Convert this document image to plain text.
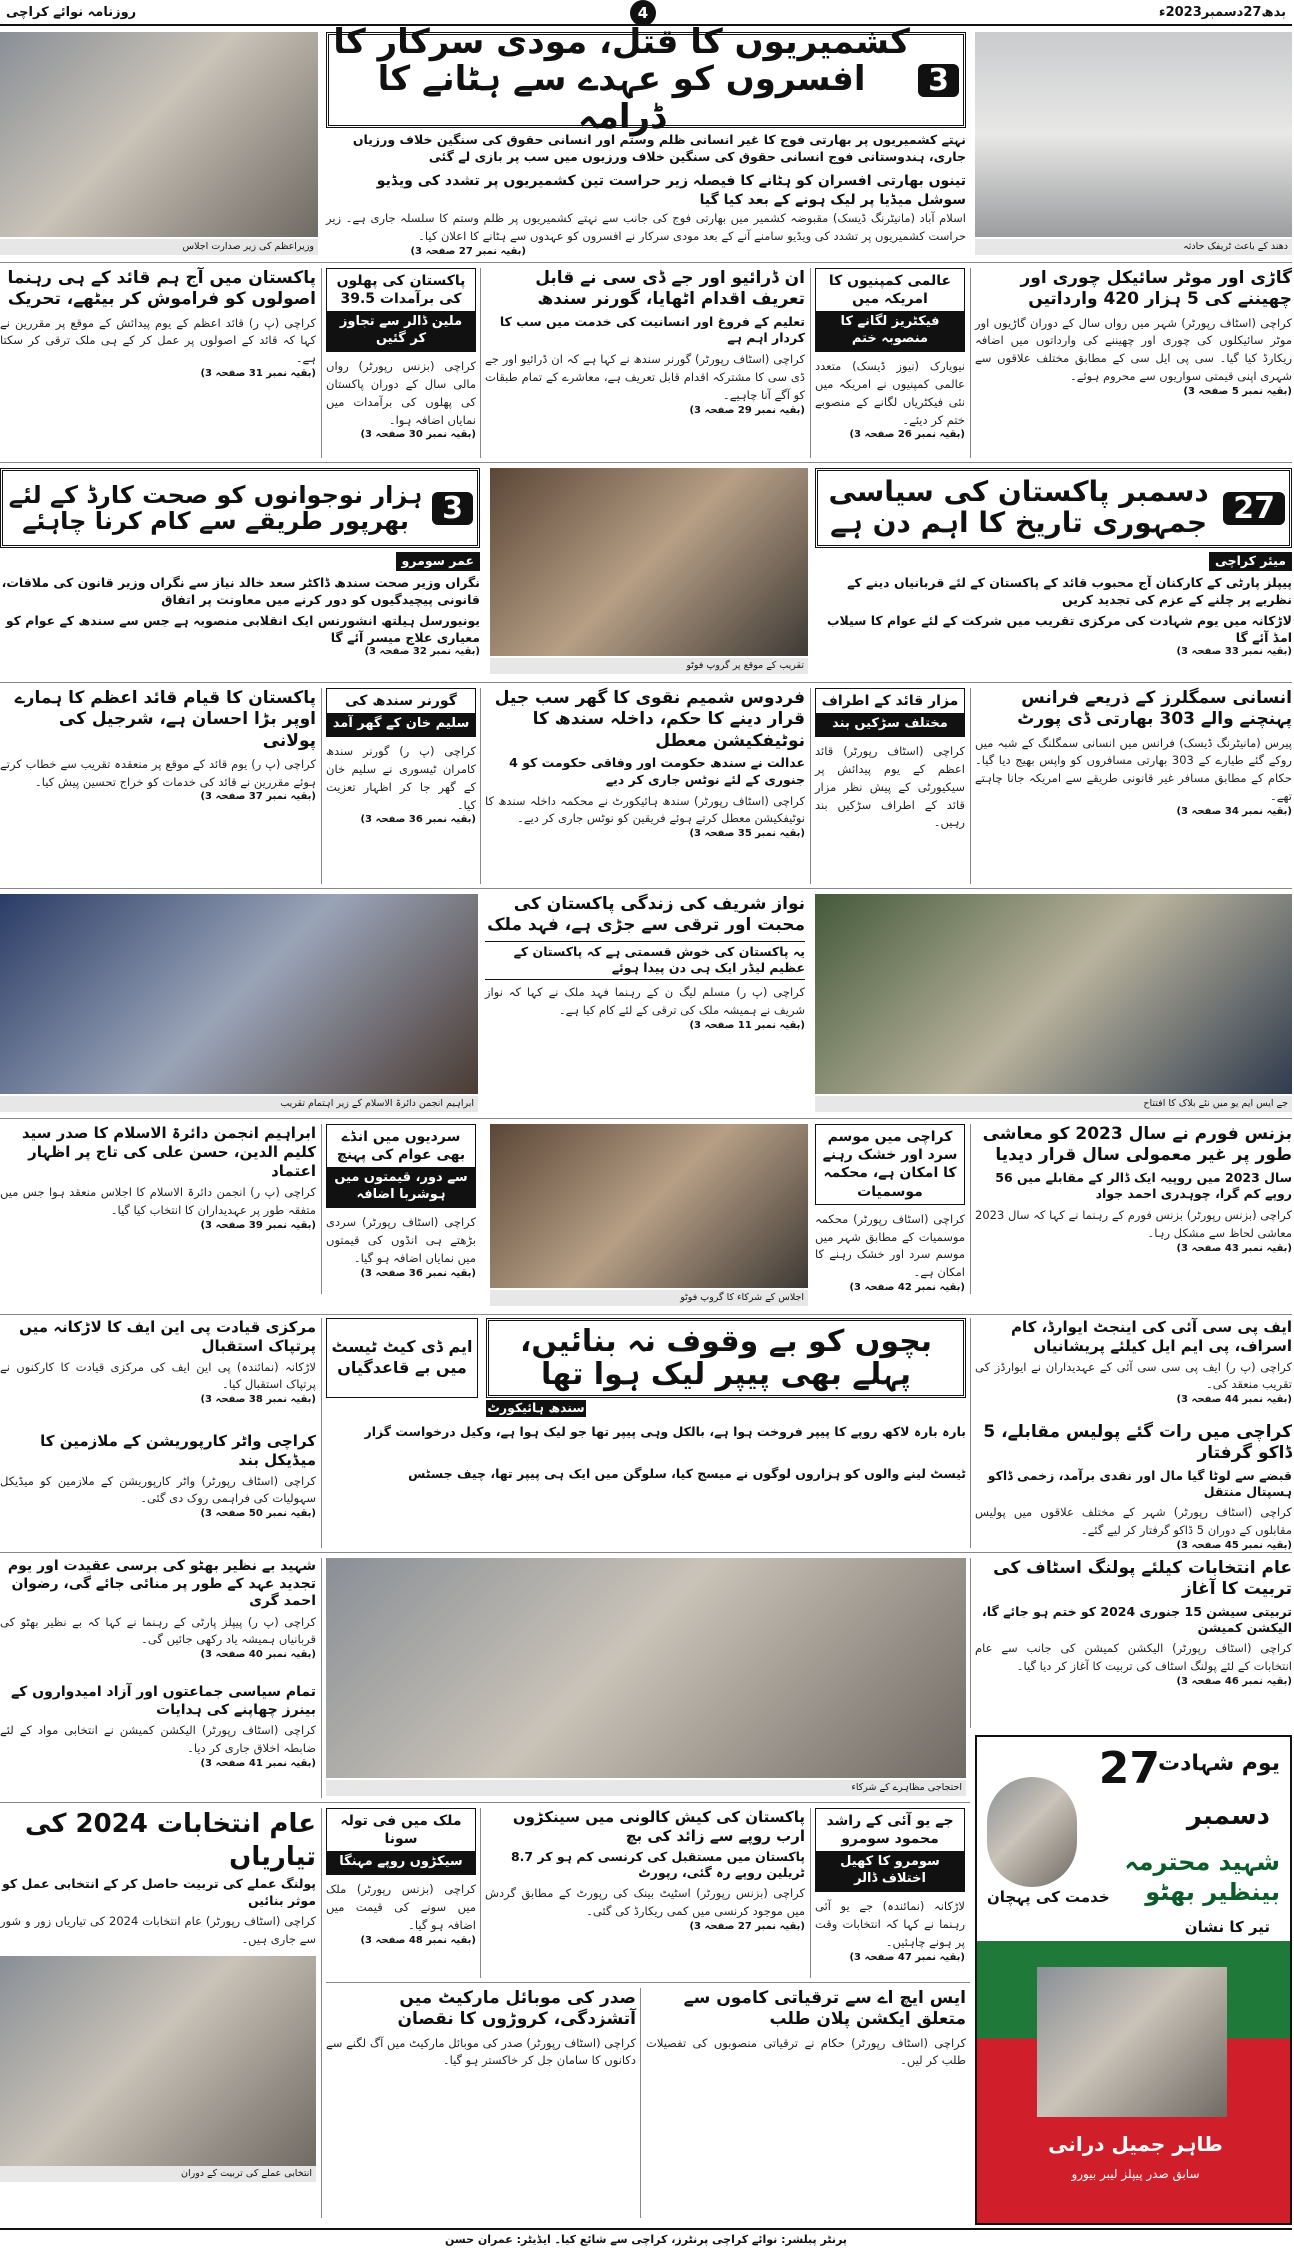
بدھ27دسمبر2023ء
4
روزنامہ نوائے کراچی
وزیراعظم کی زیر صدارت اجلاس
3
کشمیریوں کا قتل، مودی سرکار کا افسروں کو عہدے سے ہٹانے کا ڈرامہ
نہتے کشمیریوں پر بھارتی فوج کا غیر انسانی ظلم وستم اور انسانی حقوق کی سنگین خلاف ورزیاں جاری، ہندوستانی فوج انسانی حقوق کی سنگین خلاف ورزیوں میں سب پر بازی لے گئی
تینوں بھارتی افسران کو ہٹانے کا فیصلہ زیر حراست تین کشمیریوں پر تشدد کی ویڈیو سوشل میڈیا پر لیک ہونے کے بعد کیا گیا
اسلام آباد (مانیٹرنگ ڈیسک) مقبوضہ کشمیر میں بھارتی فوج کی جانب سے نہتے کشمیریوں پر ظلم وستم کا سلسلہ جاری ہے۔ زیر حراست کشمیریوں پر تشدد کی ویڈیو سامنے آنے کے بعد مودی سرکار نے افسروں کو عہدوں سے ہٹانے کا اعلان کیا۔
(بقیہ نمبر 27 صفحہ 3)	دھند کے باعث ٹریفک حادثہ
گاڑی اور موٹر سائیکل چوری اور چھیننے کی 5 ہزار 420 وارداتیں
کراچی (اسٹاف رپورٹر) شہر میں رواں سال کے دوران گاڑیوں اور موٹر سائیکلوں کی چوری اور چھیننے کی وارداتوں میں اضافہ ریکارڈ کیا گیا۔ سی پی ایل سی کے مطابق مختلف علاقوں سے شہری اپنی قیمتی سواریوں سے محروم ہوئے۔
(بقیہ نمبر 5 صفحہ 3)
عالمی کمپنیوں کا امریکہ میں
فیکٹریز لگانے کا منصوبہ ختم
نیویارک (نیوز ڈیسک) متعدد عالمی کمپنیوں نے امریکہ میں نئی فیکٹریاں لگانے کے منصوبے ختم کر دیئے۔
(بقیہ نمبر 26 صفحہ 3)
ان ڈرائیو اور جے ڈی سی نے قابل تعریف اقدام اٹھایا، گورنر سندھ
تعلیم کے فروغ اور انسانیت کی خدمت میں سب کا کردار اہم ہے
کراچی (اسٹاف رپورٹر) گورنر سندھ نے کہا ہے کہ ان ڈرائیو اور جے ڈی سی کا مشترکہ اقدام قابل تعریف ہے، معاشرے کے تمام طبقات کو آگے آنا چاہیے۔
(بقیہ نمبر 29 صفحہ 3)
پاکستان کی پھلوں کی برآمدات 39.5
ملین ڈالر سے تجاوز کر گئیں
کراچی (بزنس رپورٹر) رواں مالی سال کے دوران پاکستان کی پھلوں کی برآمدات میں نمایاں اضافہ ہوا۔
(بقیہ نمبر 30 صفحہ 3)
پاکستان میں آج ہم قائد کے ہی رہنما اصولوں کو فراموش کر بیٹھے، تحریک
کراچی (پ ر) قائد اعظم کے یوم پیدائش کے موقع پر مقررین نے کہا کہ قائد کے اصولوں پر عمل کر کے ہی ملک ترقی کر سکتا ہے۔
(بقیہ نمبر 31 صفحہ 3)
27
دسمبر پاکستان کی سیاسی جمہوری تاریخ کا اہم دن ہے
میئر کراچی
پیپلز پارٹی کے کارکنان آج محبوب قائد کے پاکستان کے لئے قربانیاں دینے کے نظریے پر چلنے کے عزم کی تجدید کریں
لاڑکانہ میں یوم شہادت کی مرکزی تقریب میں شرکت کے لئے عوام کا سیلاب امڈ آئے گا
(بقیہ نمبر 33 صفحہ 3)
تقریب کے موقع پر گروپ فوٹو
3
ہزار نوجوانوں کو صحت کارڈ کے لئے بھرپور طریقے سے کام کرنا چاہئے
عمر سومرو
نگراں وزیر صحت سندھ ڈاکٹر سعد خالد نیاز سے نگراں وزیر قانون کی ملاقات، قانونی پیچیدگیوں کو دور کرنے میں معاونت پر اتفاق
یونیورسل ہیلتھ انشورنس ایک انقلابی منصوبہ ہے جس سے سندھ کے عوام کو معیاری علاج میسر آئے گا
(بقیہ نمبر 32 صفحہ 3)
انسانی سمگلرز کے ذریعے فرانس پہنچنے والے 303 بھارتی ڈی پورٹ
پیرس (مانیٹرنگ ڈیسک) فرانس میں انسانی سمگلنگ کے شبہ میں روکے گئے طیارے کے 303 بھارتی مسافروں کو واپس بھیج دیا گیا۔ حکام کے مطابق مسافر غیر قانونی طریقے سے امریکہ جانا چاہتے تھے۔
(بقیہ نمبر 34 صفحہ 3)
مزار قائد کے اطراف
مختلف سڑکیں بند
کراچی (اسٹاف رپورٹر) قائد اعظم کے یوم پیدائش پر سیکیورٹی کے پیش نظر مزار قائد کے اطراف سڑکیں بند رہیں۔
فردوس شمیم نقوی کا گھر سب جیل قرار دینے کا حکم، داخلہ سندھ کا نوٹیفکیشن معطل
عدالت نے سندھ حکومت اور وفاقی حکومت کو 4 جنوری کے لئے نوٹس جاری کر دیے
کراچی (اسٹاف رپورٹر) سندھ ہائیکورٹ نے محکمہ داخلہ سندھ کا نوٹیفکیشن معطل کرتے ہوئے فریقین کو نوٹس جاری کر دیے۔
(بقیہ نمبر 35 صفحہ 3)
گورنر سندھ کی
سلیم خان کے گھر آمد
کراچی (پ ر) گورنر سندھ کامران ٹیسوری نے سلیم خان کے گھر جا کر اظہار تعزیت کیا۔
(بقیہ نمبر 36 صفحہ 3)
پاکستان کا قیام قائد اعظم کا ہمارے اوپر بڑا احسان ہے، شرجیل کی پولانی
کراچی (پ ر) یوم قائد کے موقع پر منعقدہ تقریب سے خطاب کرتے ہوئے مقررین نے قائد کی خدمات کو خراج تحسین پیش کیا۔
(بقیہ نمبر 37 صفحہ 3)
جے ایس ایم یو میں نئے بلاک کا افتتاح
نواز شریف کی زندگی پاکستان کی محبت اور ترقی سے جڑی ہے، فہد ملک
یہ پاکستان کی خوش قسمتی ہے کہ پاکستان کے عظیم لیڈر ایک ہی دن پیدا ہوئے
کراچی (پ ر) مسلم لیگ ن کے رہنما فہد ملک نے کہا کہ نواز شریف نے ہمیشہ ملک کی ترقی کے لئے کام کیا ہے۔
(بقیہ نمبر 11 صفحہ 3)
ابراہیم انجمن دائرۃ الاسلام کے زیر اہتمام تقریب
بزنس فورم نے سال 2023 کو معاشی طور پر غیر معمولی سال قرار دیدیا
سال 2023 میں روپیہ ایک ڈالر کے مقابلے میں 56 روپے کم گرا، چوہدری احمد جواد
کراچی (بزنس رپورٹر) بزنس فورم کے رہنما نے کہا کہ سال 2023 معاشی لحاظ سے مشکل رہا۔
(بقیہ نمبر 43 صفحہ 3)
کراچی میں موسم سرد اور خشک رہنے کا امکان ہے، محکمہ موسمیات
کراچی (اسٹاف رپورٹر) محکمہ موسمیات کے مطابق شہر میں موسم سرد اور خشک رہنے کا امکان ہے۔
(بقیہ نمبر 42 صفحہ 3)
اجلاس کے شرکاء کا گروپ فوٹو
سردیوں میں انڈے بھی عوام کی پہنچ
سے دور، قیمتوں میں ہوشربا اضافہ
کراچی (اسٹاف رپورٹر) سردی بڑھتے ہی انڈوں کی قیمتوں میں نمایاں اضافہ ہو گیا۔
(بقیہ نمبر 36 صفحہ 3)
ابراہیم انجمن دائرۃ الاسلام کا صدر سید کلیم الدین، حسن علی کی تاج پر اظہار اعتماد
کراچی (پ ر) انجمن دائرۃ الاسلام کا اجلاس منعقد ہوا جس میں متفقہ طور پر عہدیداران کا انتخاب کیا گیا۔
(بقیہ نمبر 39 صفحہ 3)
ایف پی سی آئی کی اینجٹ ایوارڈ، کام اسراف، پی ایم ایل کیلئے پریشانیاں
کراچی (پ ر) ایف پی سی سی آئی کے عہدیداران نے ایوارڈز کی تقریب منعقد کی۔
(بقیہ نمبر 44 صفحہ 3)
کراچی میں رات گئے پولیس مقابلے، 5 ڈاکو گرفتار
قبضے سے لوٹا گیا مال اور نقدی برآمد، زخمی ڈاکو ہسپتال منتقل
کراچی (اسٹاف رپورٹر) شہر کے مختلف علاقوں میں پولیس مقابلوں کے دوران 5 ڈاکو گرفتار کر لیے گئے۔
(بقیہ نمبر 45 صفحہ 3)
بچوں کو بے وقوف نہ بنائیں، پہلے بھی پیپر لیک ہوا تھا
سندھ ہائیکورٹ
ایم ڈی کیٹ ٹیسٹ میں بے قاعدگیاں
بارہ بارہ لاکھ روپے کا پیپر فروخت ہوا ہے، بالکل وہی پیپر تھا جو لیک ہوا ہے، وکیل درخواست گزار
ٹیسٹ لینے والوں کو ہزاروں لوگوں نے میسج کیا، سلوگن میں ایک ہی پیپر تھا، چیف جسٹس
مرکزی قیادت پی این ایف کا لاڑکانہ میں پرتپاک استقبال
لاڑکانہ (نمائندہ) پی این ایف کی مرکزی قیادت کا کارکنوں نے پرتپاک استقبال کیا۔
(بقیہ نمبر 38 صفحہ 3)
کراچی واٹر کارپوریشن کے ملازمین کا میڈیکل بند
کراچی (اسٹاف رپورٹر) واٹر کارپوریشن کے ملازمین کو میڈیکل سہولیات کی فراہمی روک دی گئی۔
(بقیہ نمبر 50 صفحہ 3)
عام انتخابات کیلئے پولنگ اسٹاف کی تربیت کا آغاز
تربیتی سیشن 15 جنوری 2024 کو ختم ہو جائے گا، الیکشن کمیشن
کراچی (اسٹاف رپورٹر) الیکشن کمیشن کی جانب سے عام انتخابات کے لئے پولنگ اسٹاف کی تربیت کا آغاز کر دیا گیا۔
(بقیہ نمبر 46 صفحہ 3)
احتجاجی مظاہرے کے شرکاء
شہید بے نظیر بھٹو کی برسی عقیدت اور یوم تجدید عہد کے طور پر منائی جائے گی، رضوان احمد گری
کراچی (پ ر) پیپلز پارٹی کے رہنما نے کہا کہ بے نظیر بھٹو کی قربانیاں ہمیشہ یاد رکھی جائیں گی۔
(بقیہ نمبر 40 صفحہ 3)
تمام سیاسی جماعتوں اور آزاد امیدواروں کے بینرز چھاپنے کی ہدایات
کراچی (اسٹاف رپورٹر) الیکشن کمیشن نے انتخابی مواد کے لئے ضابطہ اخلاق جاری کر دیا۔
(بقیہ نمبر 41 صفحہ 3)	یوم شہادت
27
دسمبر
شہید محترمہ بینظیر بھٹو
خدمت کی پہچان
تیر کا نشان
طاہر جمیل درانی
سابق صدر پیپلز لیبر بیورو
جے یو آئی کے راشد محمود سومرو
سومرو کا کھیل اختلاف ڈالر
لاڑکانہ (نمائندہ) جے یو آئی رہنما نے کہا کہ انتخابات وقت پر ہونے چاہئیں۔
(بقیہ نمبر 47 صفحہ 3)
پاکستان کی کیش کالونی میں سینکڑوں ارب روپے سے زائد کی بچ
پاکستان میں مستقبل کی کرنسی کم ہو کر 8.7 ٹریلین روپے رہ گئی، رپورٹ
کراچی (بزنس رپورٹر) اسٹیٹ بینک کی رپورٹ کے مطابق گردش میں موجود کرنسی میں کمی ریکارڈ کی گئی۔
(بقیہ نمبر 27 صفحہ 3)
ملک میں فی تولہ سونا
سیکڑوں روپے مہنگا
کراچی (بزنس رپورٹر) ملک میں سونے کی قیمت میں اضافہ ہو گیا۔
(بقیہ نمبر 48 صفحہ 3)
عام انتخابات 2024 کی تیاریاں
پولنگ عملے کی تربیت حاصل کر کے انتخابی عمل کو موثر بنائیں
کراچی (اسٹاف رپورٹر) عام انتخابات 2024 کی تیاریاں زور و شور سے جاری ہیں۔
انتخابی عملے کی تربیت کے دوران
ایس ایچ اے سے ترقیاتی کاموں سے متعلق ایکشن پلان طلب
کراچی (اسٹاف رپورٹر) حکام نے ترقیاتی منصوبوں کی تفصیلات طلب کر لیں۔
صدر کی موبائل مارکیٹ میں آتشزدگی، کروڑوں کا نقصان
کراچی (اسٹاف رپورٹر) صدر کی موبائل مارکیٹ میں آگ لگنے سے دکانوں کا سامان جل کر خاکستر ہو گیا۔
پرنٹر پبلشر: نوائے کراچی پرنٹرز، کراچی سے شائع کیا۔ ایڈیٹر: عمران حسن
